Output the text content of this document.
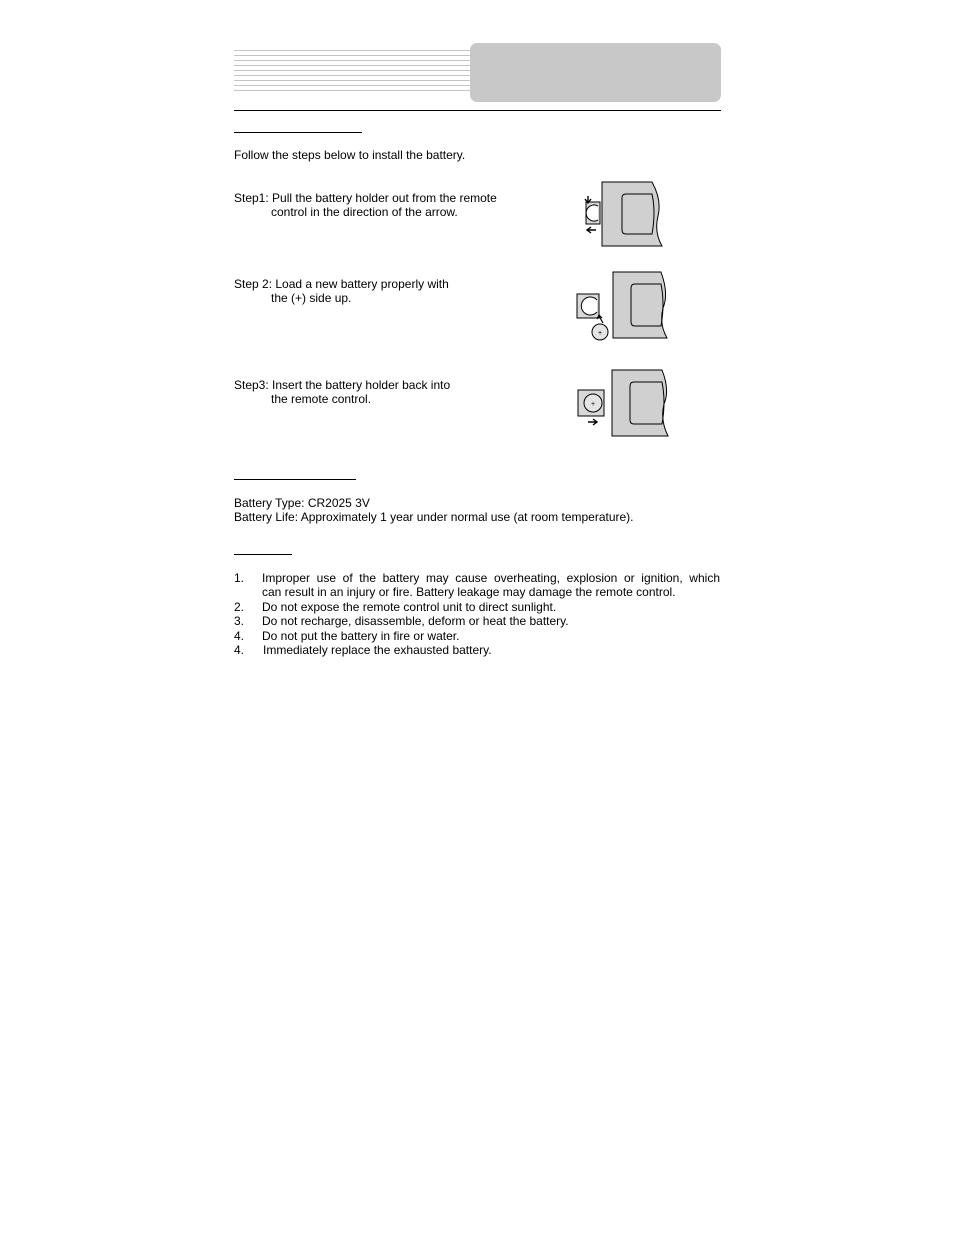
Follow the steps below to install the battery.
Step1: Pull the battery holder out from the remote
control in the direction of the arrow.
Step 2: Load a new battery properly with
the (+) side up.
Step3: Insert the battery holder back into
the remote control.
+
+
Battery Type: CR2025 3V
Battery Life: Approximately 1 year under normal use (at room temperature).
1. Improper use of the battery may cause overheating, explosion or ignition, which
can result in an injury or fire. Battery leakage may damage the remote control.
2. Do not expose the remote control unit to direct sunlight.
3. Do not recharge, disassemble, deform or heat the battery.
4. Do not put the battery in fire or water.
4. Immediately replace the exhausted battery.
